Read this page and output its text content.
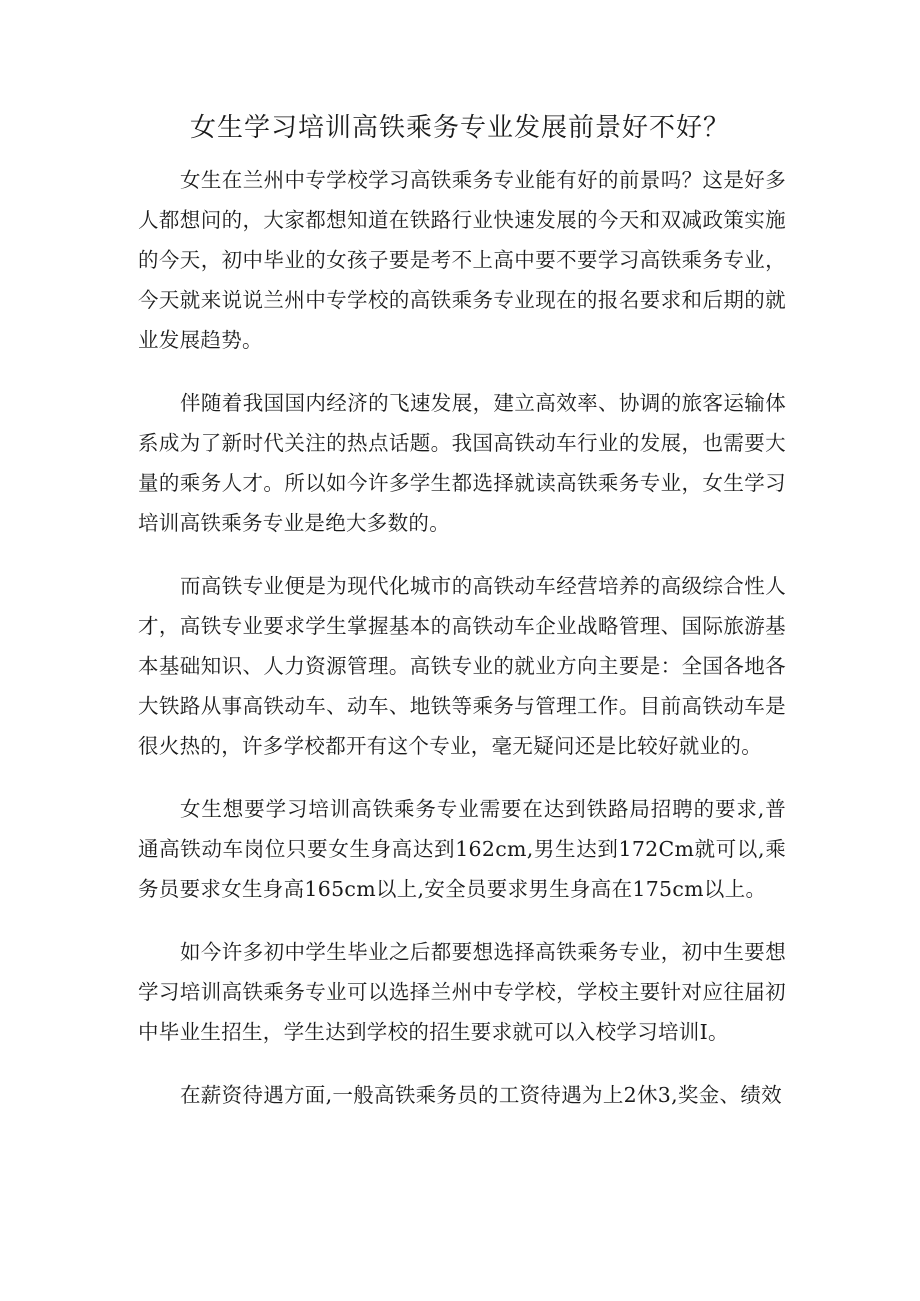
女生学习培训高铁乘务专业发展前景好不好？

女生在兰州中专学校学习高铁乘务专业能有好的前景吗？这是好多人都想问的，大家都想知道在铁路行业快速发展的今天和双减政策实施的今天，初中毕业的女孩子要是考不上高中要不要学习高铁乘务专业，今天就来说说兰州中专学校的高铁乘务专业现在的报名要求和后期的就业发展趋势。

伴随着我国国内经济的飞速发展，建立高效率、协调的旅客运输体系成为了新时代关注的热点话题。我国高铁动车行业的发展，也需要大量的乘务人才。所以如今许多学生都选择就读高铁乘务专业，女生学习培训高铁乘务专业是绝大多数的。

而高铁专业便是为现代化城市的高铁动车经营培养的高级综合性人才，高铁专业要求学生掌握基本的高铁动车企业战略管理、国际旅游基本基础知识、人力资源管理。高铁专业的就业方向主要是：全国各地各大铁路从事高铁动车、动车、地铁等乘务与管理工作。目前高铁动车是很火热的，许多学校都开有这个专业，毫无疑问还是比较好就业的。

女生想要学习培训高铁乘务专业需要在达到铁路局招聘的要求,普通高铁动车岗位只要女生身高达到162cm,男生达到172Cm就可以,乘务员要求女生身高165cm以上,安全员要求男生身高在175cm以上。

如今许多初中学生毕业之后都要想选择高铁乘务专业，初中生要想学习培训高铁乘务专业可以选择兰州中专学校，学校主要针对应往届初中毕业生招生，学生达到学校的招生要求就可以入校学习培训Ⅰ。

在薪资待遇方面,一般高铁乘务员的工资待遇为上2休3,奖金、绩效
